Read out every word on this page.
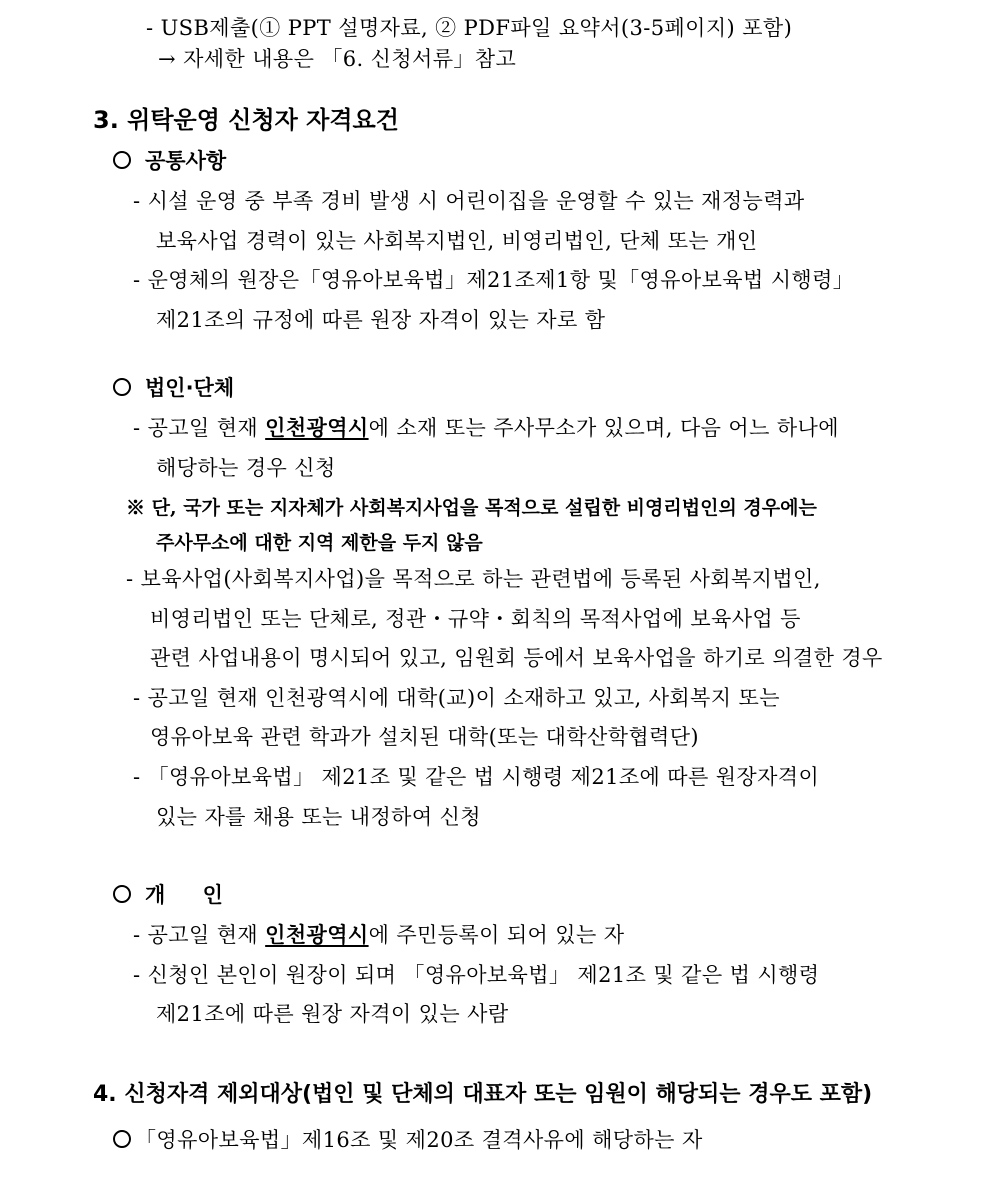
- USB제출(① PPT 설명자료, ② PDF파일 요약서(3-5페이지) 포함)
→ 자세한 내용은 「6. 신청서류」참고
3. 위탁운영 신청자 자격요건
공통사항
- 시설 운영 중 부족 경비 발생 시 어린이집을 운영할 수 있는 재정능력과
보육사업 경력이 있는 사회복지법인, 비영리법인, 단체 또는 개인
- 운영체의 원장은「영유아보육법」제21조제1항 및「영유아보육법 시행령」
제21조의 규정에 따른 원장 자격이 있는 자로 함
법인·단체
- 공고일 현재 인천광역시에 소재 또는 주사무소가 있으며, 다음 어느 하나에
해당하는 경우 신청
※ 단, 국가 또는 지자체가 사회복지사업을 목적으로 설립한 비영리법인의 경우에는
주사무소에 대한 지역 제한을 두지 않음
- 보육사업(사회복지사업)을 목적으로 하는 관련법에 등록된 사회복지법인,
비영리법인 또는 단체로, 정관・규약・회칙의 목적사업에 보육사업 등
관련 사업내용이 명시되어 있고, 임원회 등에서 보육사업을 하기로 의결한 경우
- 공고일 현재 인천광역시에 대학(교)이 소재하고 있고, 사회복지 또는
영유아보육 관련 학과가 설치된 대학(또는 대학산학협력단)
- 「영유아보육법」 제21조 및 같은 법 시행령 제21조에 따른 원장자격이
있는 자를 채용 또는 내정하여 신청
개 인
- 공고일 현재 인천광역시에 주민등록이 되어 있는 자
- 신청인 본인이 원장이 되며 「영유아보육법」 제21조 및 같은 법 시행령
제21조에 따른 원장 자격이 있는 사람
4. 신청자격 제외대상(법인 및 단체의 대표자 또는 임원이 해당되는 경우도 포함)
「영유아보육법」제16조 및 제20조 결격사유에 해당하는 자
